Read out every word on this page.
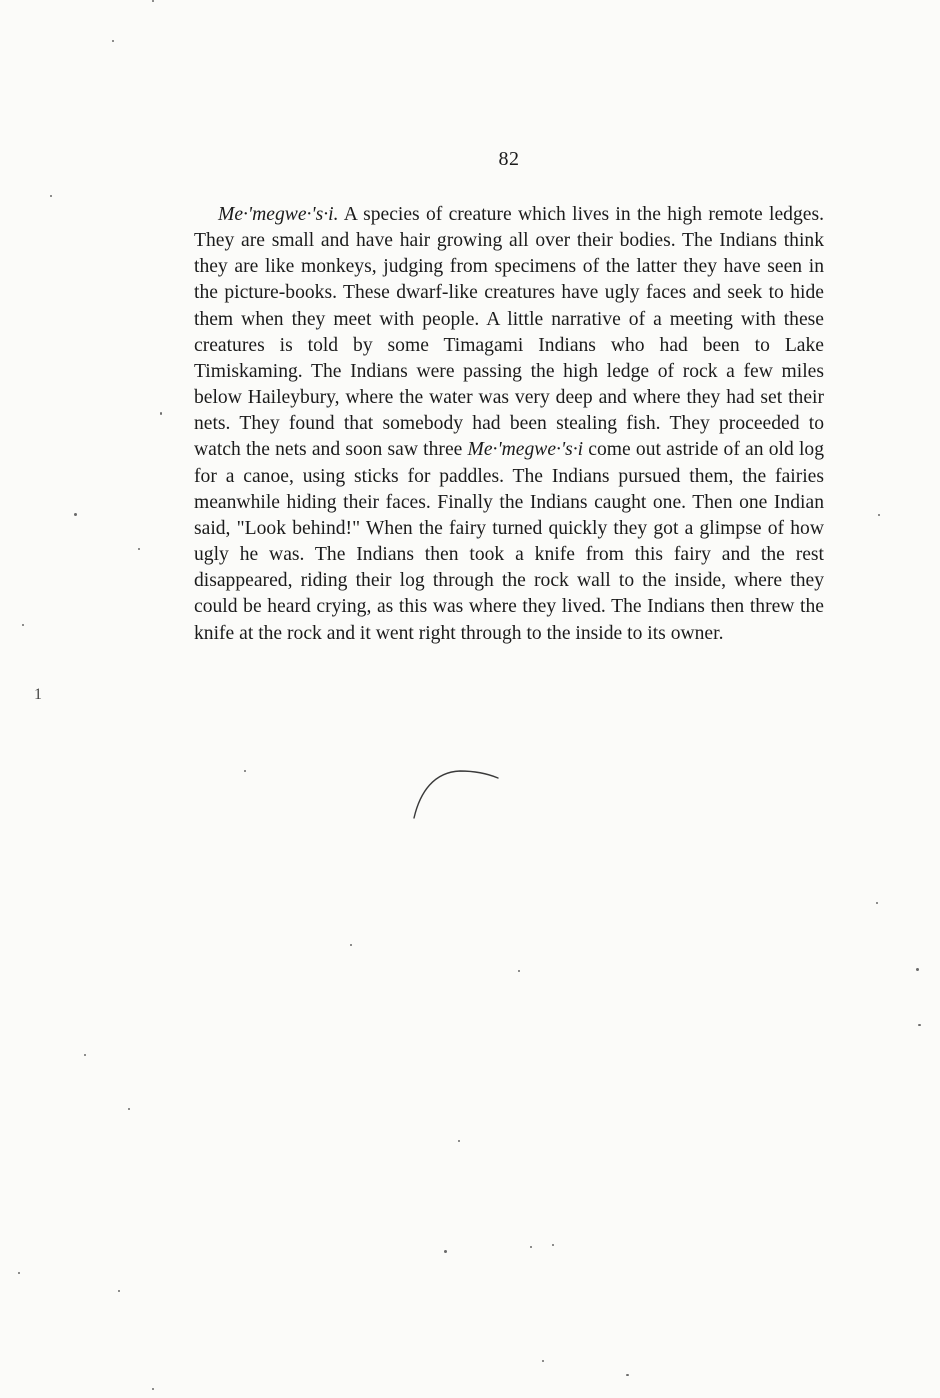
82

Me·'megwe·'s·i. A species of creature which lives in the high remote ledges. They are small and have hair growing all over their bodies. The Indians think they are like monkeys, judging from specimens of the latter they have seen in the picture-books. These dwarf-like creatures have ugly faces and seek to hide them when they meet with people. A little narrative of a meeting with these creatures is told by some Timagami Indians who had been to Lake Timiskaming. The Indians were passing the high ledge of rock a few miles below Haileybury, where the water was very deep and where they had set their nets. They found that somebody had been stealing fish. They proceeded to watch the nets and soon saw three Me·'megwe·'s·i come out astride of an old log for a canoe, using sticks for paddles. The Indians pursued them, the fairies meanwhile hiding their faces. Finally the Indians caught one. Then one Indian said, "Look behind!" When the fairy turned quickly they got a glimpse of how ugly he was. The Indians then took a knife from this fairy and the rest disappeared, riding their log through the rock wall to the inside, where they could be heard crying, as this was where they lived. The Indians then threw the knife at the rock and it went right through to the inside to its owner.

1
